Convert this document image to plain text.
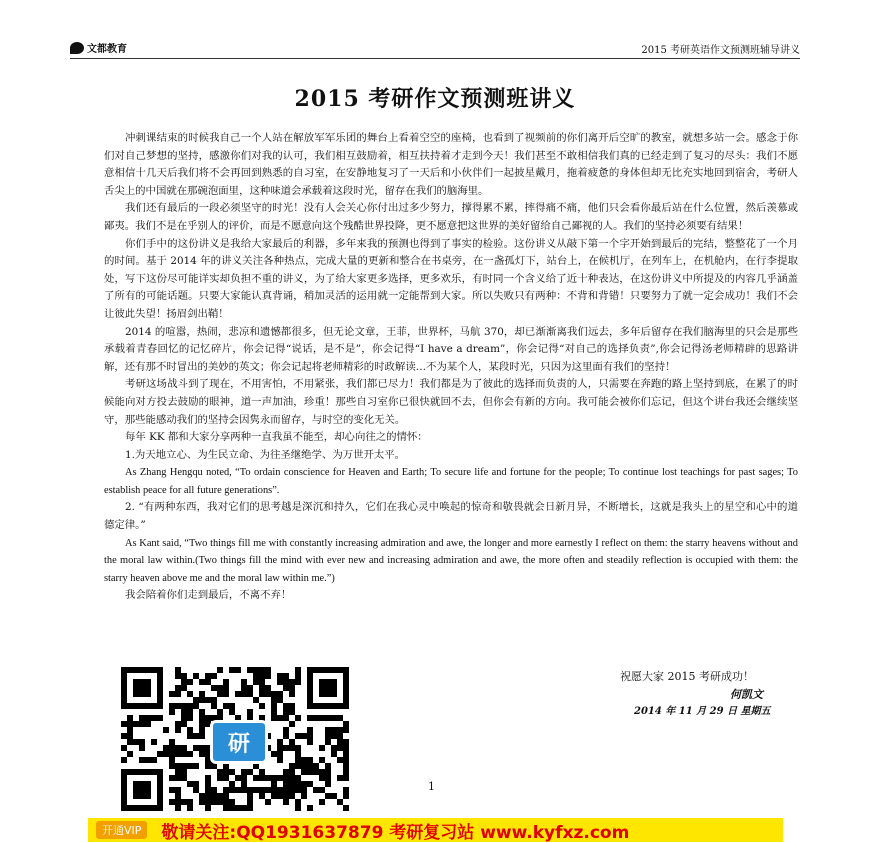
文都教育	2015 考研英语作文预测班辅导讲义
2015 考研作文预测班讲义

冲刺课结束的时候我自己一个人站在解放军军乐团的舞台上看着空空的座椅，也看到了视频前的你们离开后空旷的教室，就想多站一会。感念于你们对自己梦想的坚持，感激你们对我的认可，我们相互鼓励着，相互扶持着才走到今天！我们甚至不敢相信我们真的已经走到了复习的尽头：我们不愿意相信十几天后我们将不会再回到熟悉的自习室，在安静地复习了一天后和小伙伴们一起披星戴月，拖着疲惫的身体但却无比充实地回到宿舍，考研人舌尖上的中国就在那碗泡面里，这种味道会承载着这段时光，留存在我们的脑海里。

我们还有最后的一段必须坚守的时光！没有人会关心你付出过多少努力，撑得累不累，摔得痛不痛，他们只会看你最后站在什么位置，然后羡慕或鄙夷。我们不是在乎别人的评价，而是不愿意向这个残酷世界投降，更不愿意把这世界的美好留给自己鄙视的人。我们的坚持必须要有结果！

你们手中的这份讲义是我给大家最后的利器，多年来我的预测也得到了事实的检验。这份讲义从敲下第一个字开始到最后的完结，整整花了一个月的时间。基于 2014 年的讲义关注各种热点，完成大量的更新和整合在书桌旁，在一盏孤灯下，站台上，在候机厅，在列车上，在机舱内，在行李提取处，写下这份尽可能详实却负担不重的讲义，为了给大家更多选择，更多欢乐，有时同一个含义给了近十种表达，在这份讲义中所提及的内容几乎涵盖了所有的可能话题。只要大家能认真背诵，稍加灵活的运用就一定能帮到大家。所以失败只有两种：不背和背错！只要努力了就一定会成功！我们不会让彼此失望！扬眉剑出鞘！

2014 的喧嚣，热闹，悲凉和遗憾都很多，但无论文章，王菲，世界杯，马航 370，却已渐渐离我们远去，多年后留存在我们脑海里的只会是那些承载着青春回忆的记忆碎片，你会记得“说话，是不是”，你会记得“I have a dream”，你会记得“对自己的选择负责”,你会记得汤老师精辟的思路讲解，还有那不时冒出的美妙的英文；你会记起将老师精彩的时政解读…不为某个人，某段时光，只因为这里面有我们的坚持！

考研这场战斗到了现在，不用害怕，不用紧张，我们都已尽力！我们都是为了彼此的选择而负责的人，只需要在奔跑的路上坚持到底，在累了的时候能向对方投去鼓励的眼神，道一声加油，珍重！那些自习室你已很快就回不去，但你会有新的方向。我可能会被你们忘记，但这个讲台我还会继续坚守，那些能感动我们的坚持会因隽永而留存，与时空的变化无关。

每年 KK 都和大家分享两种一直我虽不能至，却心向往之的情怀：

1.为天地立心、为生民立命、为往圣继绝学、为万世开太平。

As Zhang Hengqu noted, “To ordain conscience for Heaven and Earth; To secure life and fortune for the people; To continue lost teachings for past sages; To establish peace for all future generations”.

2. “有两种东西，我对它们的思考越是深沉和持久，它们在我心灵中唤起的惊奇和敬畏就会日新月异，不断增长，这就是我头上的星空和心中的道德定律。”

As Kant said, “Two things fill me with constantly increasing admiration and awe, the longer and more earnestly I reflect on them: the starry heavens without and the moral law within.(Two things fill the mind with ever new and increasing admiration and awe, the more often and steadily reflection is occupied with them: the starry heaven above me and the moral law within me.”)

我会陪着你们走到最后，不离不弃！

祝愿大家 2015 考研成功！
何凯文
2014 年 11 月 29 日 星期五
研
1
开通VIP	敬请关注:QQ1931637879 考研复习站 www.kyfxz.com
